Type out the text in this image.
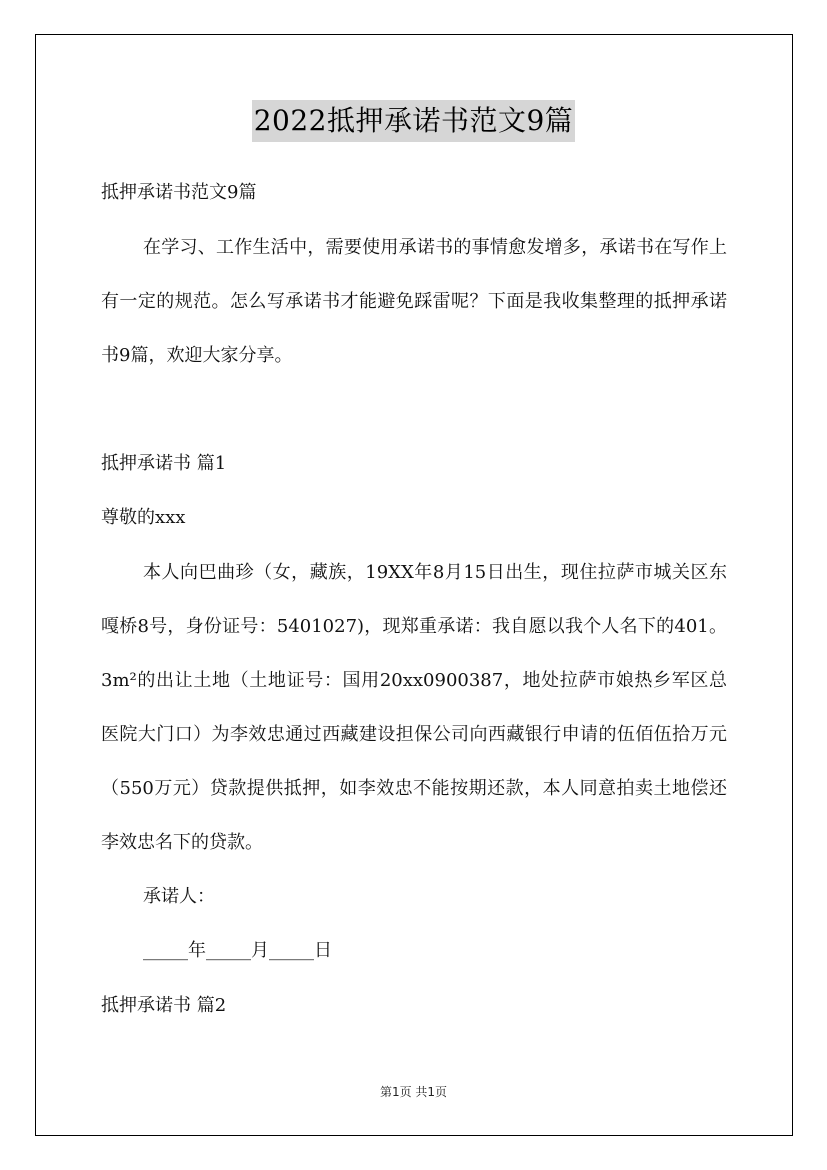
2022抵押承诺书范文9篇
抵押承诺书范文9篇
在学习、工作生活中，需要使用承诺书的事情愈发增多，承诺书在写作上有一定的规范。怎么写承诺书才能避免踩雷呢？下面是我收集整理的抵押承诺书9篇，欢迎大家分享。
抵押承诺书 篇1
尊敬的xxx
本人向巴曲珍（女，藏族，19XX年8月15日出生，现住拉萨市城关区东嘎桥8号，身份证号：5401027)，现郑重承诺：我自愿以我个人名下的401。3m²的出让土地（土地证号：国用20xx0900387，地处拉萨市娘热乡军区总医院大门口）为李效忠通过西藏建设担保公司向西藏银行申请的伍佰伍拾万元（550万元）贷款提供抵押，如李效忠不能按期还款，本人同意拍卖土地偿还李效忠名下的贷款。
承诺人：
_____年_____月_____日
抵押承诺书 篇2
第1页 共1页
